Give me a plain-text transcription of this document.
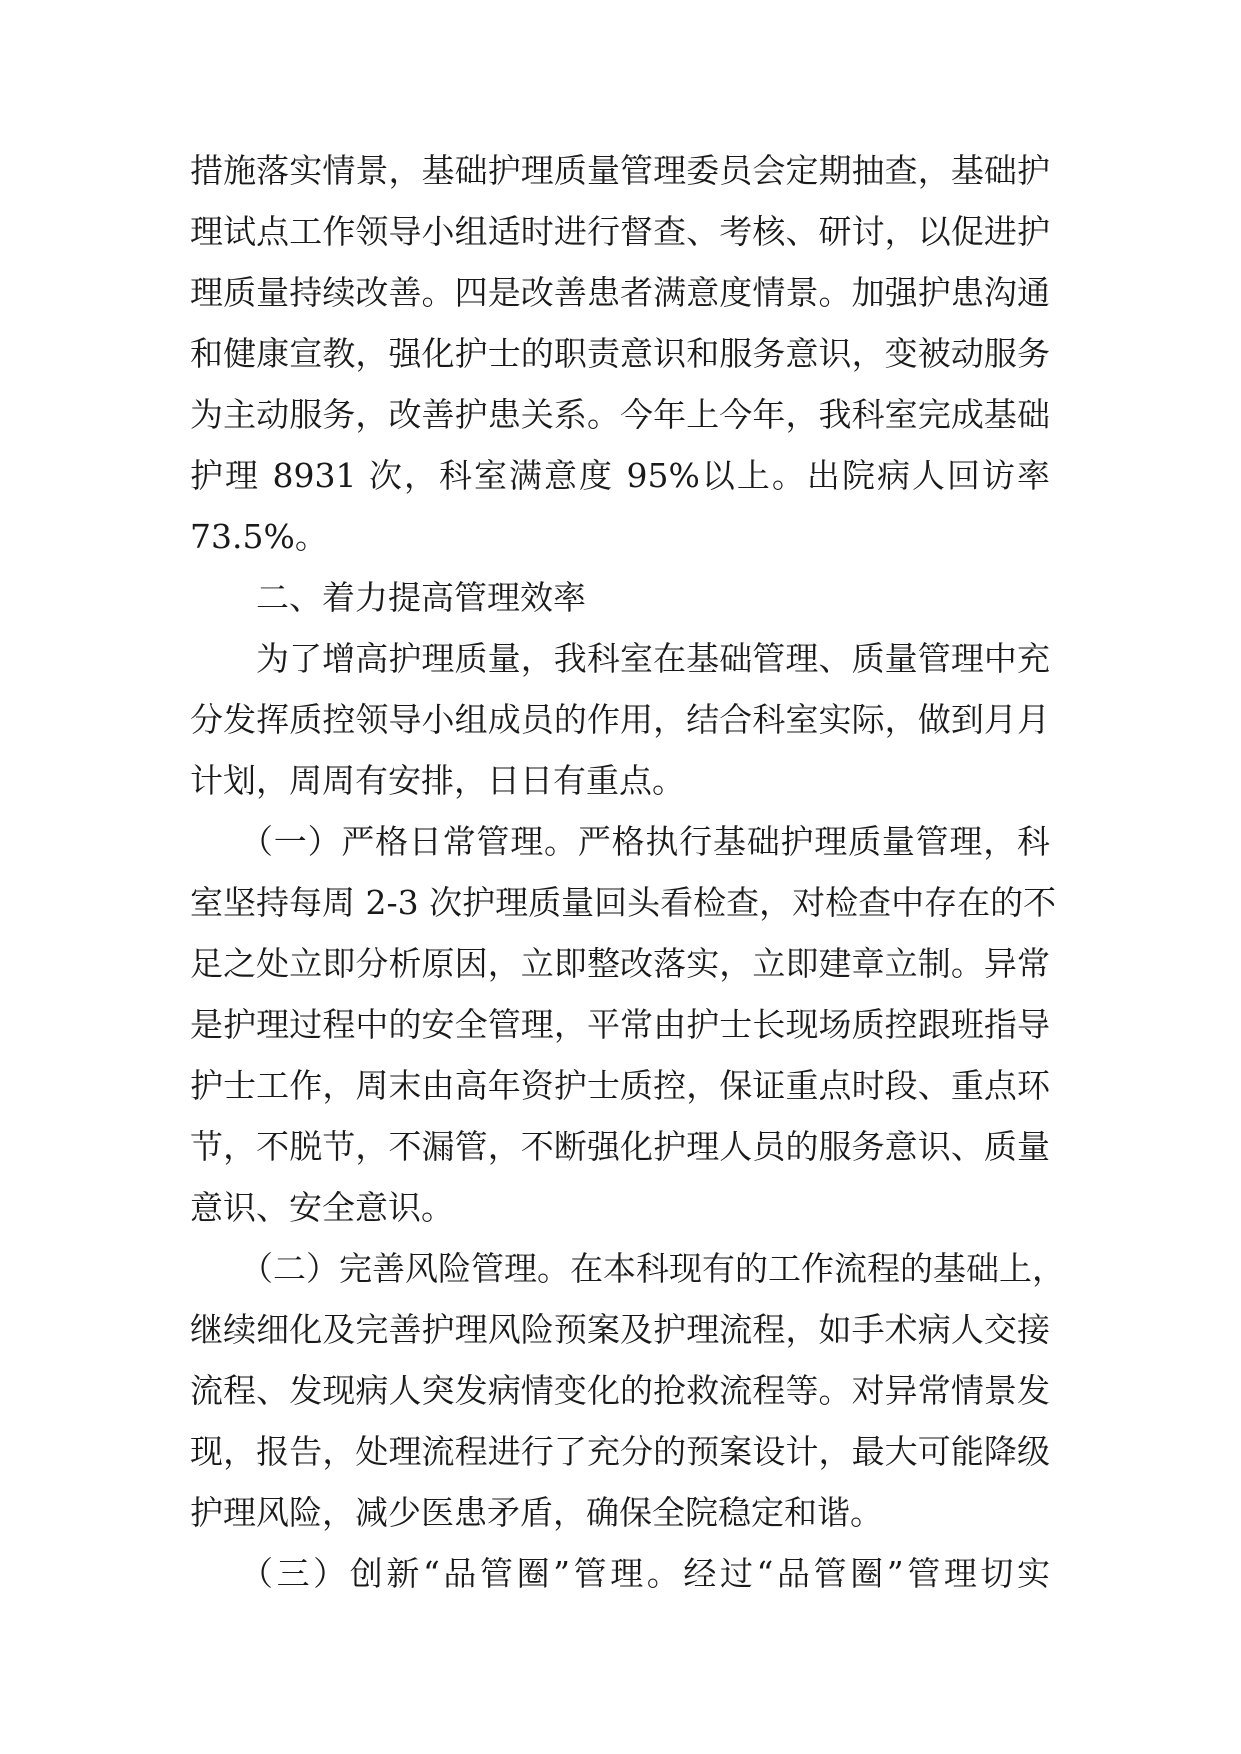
措施落实情景，基础护理质量管理委员会定期抽查，基础护
理试点工作领导小组适时进行督查、考核、研讨，以促进护
理质量持续改善。四是改善患者满意度情景。加强护患沟通
和健康宣教，强化护士的职责意识和服务意识，变被动服务
为主动服务，改善护患关系。今年上今年，我科室完成基础
护理 8931 次，科室满意度 95%以上。出院病人回访率
73.5%。
二、着力提高管理效率
为了增高护理质量，我科室在基础管理、质量管理中充
分发挥质控领导小组成员的作用，结合科室实际，做到月月
计划，周周有安排，日日有重点。
（一）严格日常管理。严格执行基础护理质量管理，科
室坚持每周 2-3 次护理质量回头看检查，对检查中存在的不
足之处立即分析原因，立即整改落实，立即建章立制。异常
是护理过程中的安全管理，平常由护士长现场质控跟班指导
护士工作，周末由高年资护士质控，保证重点时段、重点环
节，不脱节，不漏管，不断强化护理人员的服务意识、质量
意识、安全意识。
（二）完善风险管理。在本科现有的工作流程的基础上，
继续细化及完善护理风险预案及护理流程，如手术病人交接
流程、发现病人突发病情变化的抢救流程等。对异常情景发
现，报告，处理流程进行了充分的预案设计，最大可能降级
护理风险，减少医患矛盾，确保全院稳定和谐。
（三）创新“品管圈”管理。经过“品管圈”管理切实
